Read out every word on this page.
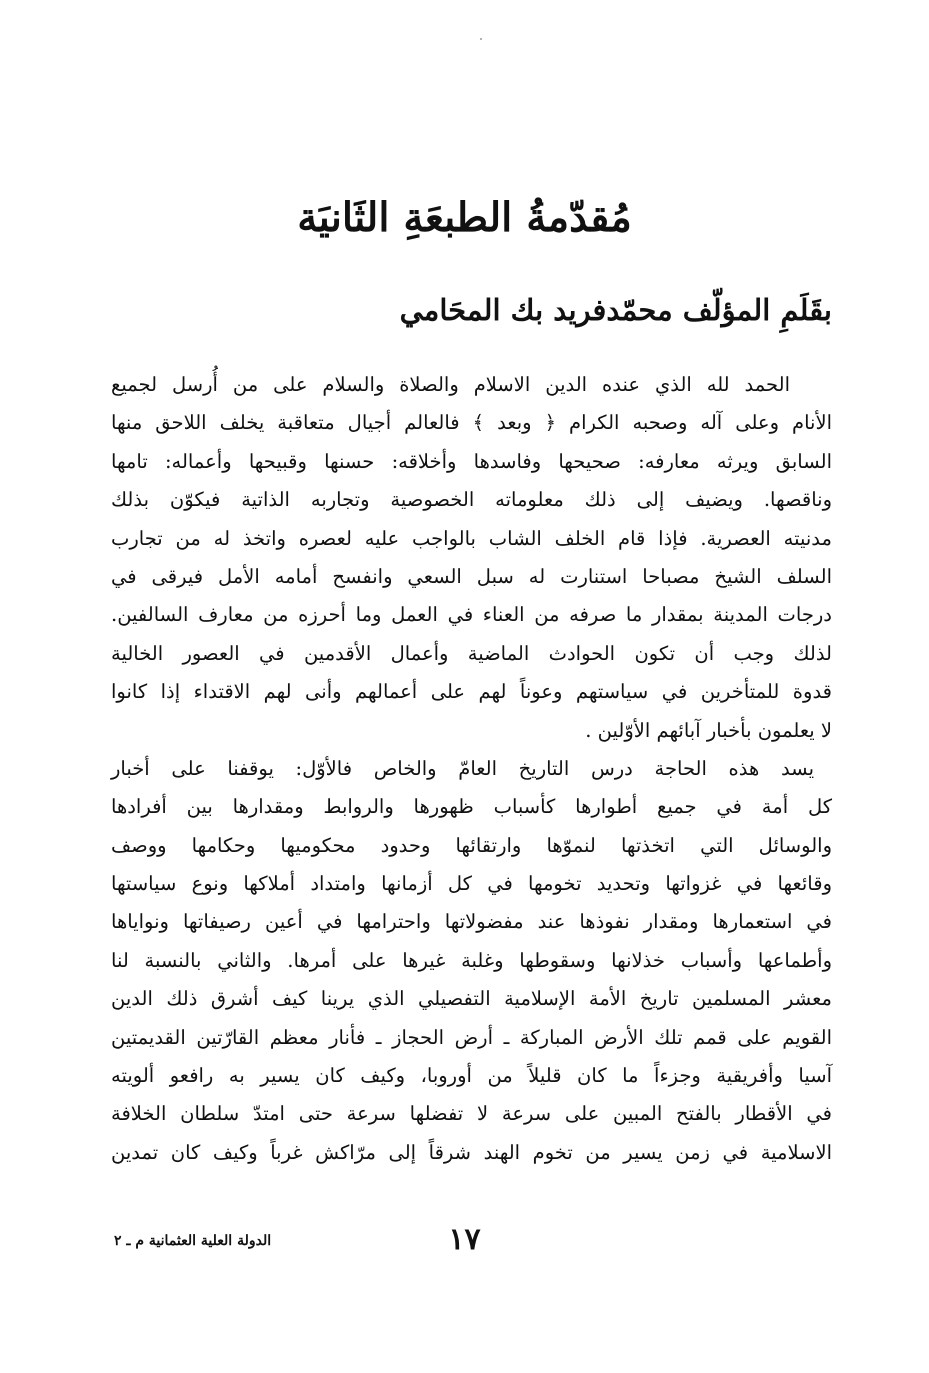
مُقدّمةُ الطبعَةِ الثَانيَة
بقَلَمِ المؤلّف محمّدفريد بك المحَامي
الحمد لله الذي عنده الدين الاسلام والصلاة والسلام على من أُرسل لجميع
الأنام وعلى آله وصحبه الكرام ﴿ وبعد ﴾ فالعالم أجيال متعاقبة يخلف اللاحق منها
السابق ويرثه معارفه: صحيحها وفاسدها وأخلاقه: حسنها وقبيحها وأعماله: تامها
وناقصها. ويضيف إلى ذلك معلوماته الخصوصية وتجاربه الذاتية فيكوّن بذلك
مدنيته العصرية. فإذا قام الخلف الشاب بالواجب عليه لعصره واتخذ له من تجارب
السلف الشيخ مصباحا استنارت له سبل السعي وانفسح أمامه الأمل فيرقى في
درجات المدينة بمقدار ما صرفه من العناء في العمل وما أحرزه من معارف السالفين.
لذلك وجب أن تكون الحوادث الماضية وأعمال الأقدمين في العصور الخالية
قدوة للمتأخرين في سياستهم وعوناً لهم على أعمالهم وأنى لهم الاقتداء إذا كانوا
لا يعلمون بأخبار آبائهم الأوّلين .
يسد هذه الحاجة درس التاريخ العامّ والخاص فالأوّل: يوقفنا على أخبار
كل أمة في جميع أطوارها كأسباب ظهورها والروابط ومقدارها بين أفرادها
والوسائل التي اتخذتها لنموّها وارتقائها وحدود محكوميها وحكامها ووصف
وقائعها في غزواتها وتحديد تخومها في كل أزمانها وامتداد أملاكها ونوع سياستها
في استعمارها ومقدار نفوذها عند مفضولاتها واحترامها في أعين رصيفاتها ونواياها
وأطماعها وأسباب خذلانها وسقوطها وغلبة غيرها على أمرها. والثاني بالنسبة لنا
معشر المسلمين تاريخ الأمة الإسلامية التفصيلي الذي يرينا كيف أشرق ذلك الدين
القويم على قمم تلك الأرض المباركة ـ أرض الحجاز ـ فأنار معظم القارّتين القديمتين
آسيا وأفريقية وجزءاً ما كان قليلاً من أوروبا، وكيف كان يسير به رافعو ألويته
في الأقطار بالفتح المبين على سرعة لا تفضلها سرعة حتى امتدّ سلطان الخلافة
الاسلامية في زمن يسير من تخوم الهند شرقاً إلى مرّاكش غرباً وكيف كان تمدين
١٧
الدولة العلية العثمانية م ـ ٢
